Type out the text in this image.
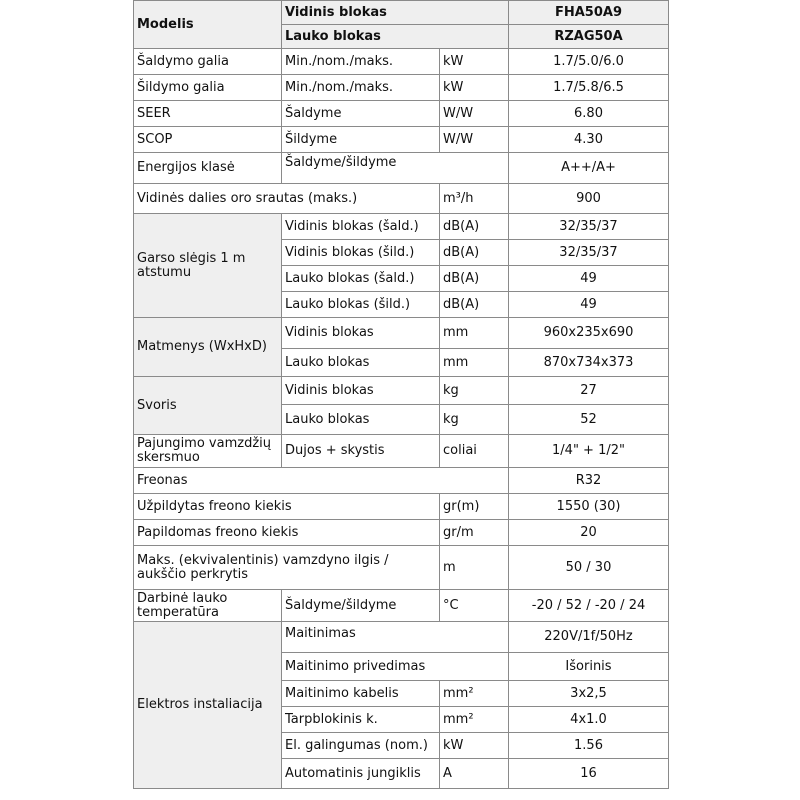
Modelis	Vidinis blokas		FHA50A9
	Lauko blokas		RZAG50A
Šaldymo galia	Min./nom./maks.	kW	1.7/5.0/6.0
Šildymo galia	Min./nom./maks.	kW	1.7/5.8/6.5
SEER	Šaldyme	W/W	6.80
SCOP	Šildyme	W/W	4.30
Energijos klasė	Šaldyme/šildyme		A++/A+
Vidinės dalies oro srautas (maks.)		m³/h	900
Garso slėgis 1 m atstumu	Vidinis blokas (šald.)	dB(A)	32/35/37
	Vidinis blokas (šild.)	dB(A)	32/35/37
	Lauko blokas (šald.)	dB(A)	49
	Lauko blokas (šild.)	dB(A)	49
Matmenys (WxHxD)	Vidinis blokas	mm	960x235x690
	Lauko blokas	mm	870x734x373
Svoris	Vidinis blokas	kg	27
	Lauko blokas	kg	52
Pajungimo vamzdžių skersmuo	Dujos + skystis	coliai	1/4" + 1/2"
Freonas			R32
Užpildytas freono kiekis		gr(m)	1550 (30)
Papildomas freono kiekis		gr/m	20
Maks. (ekvivalentinis) vamzdyno ilgis / aukščio perkrytis		m	50 / 30
Darbinė lauko temperatūra	Šaldyme/šildyme	°C	-20 / 52 / -20 / 24
Elektros instaliacija	Maitinimas		220V/1f/50Hz
	Maitinimo privedimas		Išorinis
	Maitinimo kabelis	mm²	3x2,5
	Tarpblokinis k.	mm²	4x1.0
	El. galingumas (nom.)	kW	1.56
	Automatinis jungiklis	A	16
